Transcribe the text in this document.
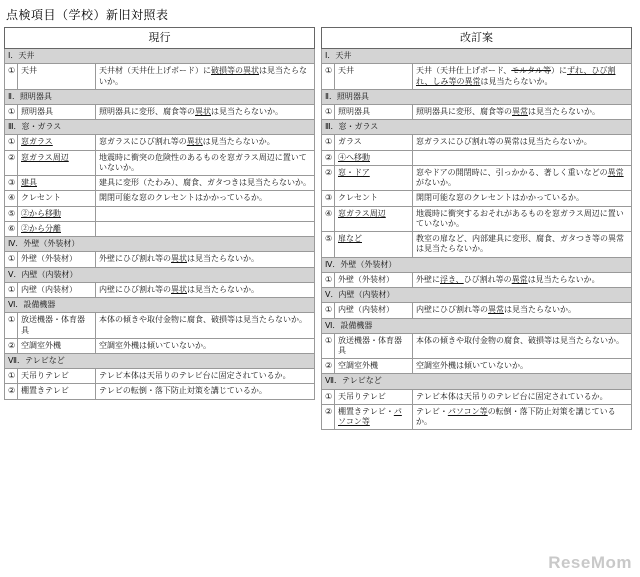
点検項目（学校）新旧対照表
現行		
Ⅰ．天井		
①	天井	天井材（天井仕上げボード）に破損等の異状は見当たらないか。
Ⅱ．照明器具		
①	照明器具	照明器具に変形、腐食等の異状は見当たらないか。
Ⅲ．窓・ガラス		
①	窓ガラス	窓ガラスにひび割れ等の異状は見当たらないか。
②	窓ガラス周辺	地震時に衝突の危険性のあるものを窓ガラス周辺に置いていないか。
③	建具	建具に変形（たわみ）、腐食、ガタつきは見当たらないか。
④	クレセント	開閉可能な窓のクレセントはかかっているか。
⑤	②から移動	
⑥	②から分離	
Ⅳ．外壁（外装材）		
①	外壁（外装材）	外壁にひび割れ等の異状は見当たらないか。
Ⅴ．内壁（内装材）		
①	内壁（内装材）	内壁にひび割れ等の異状は見当たらないか。
Ⅵ．設備機器		
①	放送機器・体育器具	本体の傾きや取付金物に腐食、破損等は見当たらないか。
②	空調室外機	空調室外機は傾いていないか。
Ⅶ．テレビなど		
①	天吊りテレビ	テレビ本体は天吊りのテレビ台に固定されているか。
②	棚置きテレビ	テレビの転倒・落下防止対策を講じているか。
改訂案		
Ⅰ．天井		
①	天井	天井（天井仕上げボード、モルタル等）にずれ、ひび割れ、しみ等の異常は見当たらないか。
Ⅱ．照明器具		
①	照明器具	照明器具に変形、腐食等の異常は見当たらないか。
Ⅲ．窓・ガラス		
①	ガラス	窓ガラスにひび割れ等の異常は見当たらないか。
②	④へ移動	
②	窓・ドア	窓やドアの開閉時に、引っかかる、著しく重いなどの異常がないか。
③	クレセント	開閉可能な窓のクレセントはかかっているか。
④	窓ガラス周辺	地震時に衝突するおそれがあるものを窓ガラス周辺に置いていないか。
⑤	扉など	教室の扉など、内部建具に変形、腐食、ガタつき等の異常は見当たらないか。
Ⅳ．外壁（外装材）		
①	外壁（外装材）	外壁に浮き、ひび割れ等の異常は見当たらないか。
Ⅴ．内壁（内装材）		
①	内壁（内装材）	内壁にひび割れ等の異常は見当たらないか。
Ⅵ．設備機器		
①	放送機器・体育器具	本体の傾きや取付金物の腐食、破損等は見当たらないか。
②	空調室外機	空調室外機は傾いていないか。
Ⅶ．テレビなど		
①	天吊りテレビ	テレビ本体は天吊りのテレビ台に固定されているか。
②	棚置きテレビ・パソコン等	テレビ・パソコン等の転倒・落下防止対策を講じているか。
ReseMom
